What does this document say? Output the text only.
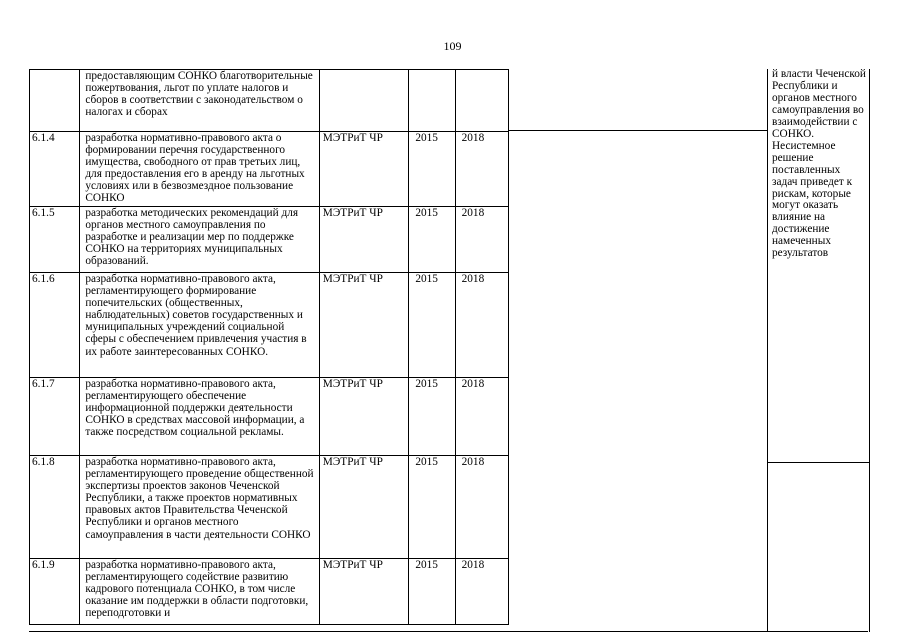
109
	предоставляющим СОНКО благотворительные пожертвования, льгот по уплате налогов и сборов в соответствии с законодательством о налогах и сборах			
6.1.4	разработка нормативно-правового акта о формировании перечня государственного имущества, свободного от прав третьих лиц, для предоставления его в аренду на льготных условиях или в безвозмездное пользование СОНКО	МЭТРиТ ЧР	2015	2018
6.1.5	разработка методических рекомендаций для органов местного самоуправления по разработке и реализации мер по поддержке СОНКО на территориях муниципальных образований.	МЭТРиТ ЧР	2015	2018
6.1.6	разработка нормативно-правового акта, регламентирующего формирование попечительских (общественных, наблюдательных) советов государственных и муниципальных учреждений социальной сферы с обеспечением привлечения участия в их работе заинтересованных СОНКО.	МЭТРиТ ЧР	2015	2018
6.1.7	разработка нормативно-правового акта, регламентирующего обеспечение информационной поддержки деятельности СОНКО в средствах массовой информации, а также посредством социальной рекламы.	МЭТРиТ ЧР	2015	2018
6.1.8	разработка нормативно-правового акта, регламентирующего проведение общественной экспертизы проектов законов Чеченской Республики, а также проектов нормативных правовых актов Правительства Чеченской Республики и органов местного самоуправления в части деятельности СОНКО	МЭТРиТ ЧР	2015	2018
6.1.9	разработка нормативно-правового акта, регламентирующего содействие развитию кадрового потенциала СОНКО, в том числе оказание им поддержки в области подготовки, переподготовки и	МЭТРиТ ЧР	2015	2018
й власти Чеченской Республики и органов местного самоуправления во взаимодействии с СОНКО. Несистемное решение поставленных задач приведет к рискам, которые могут оказать влияние на достижение намеченных результатов
